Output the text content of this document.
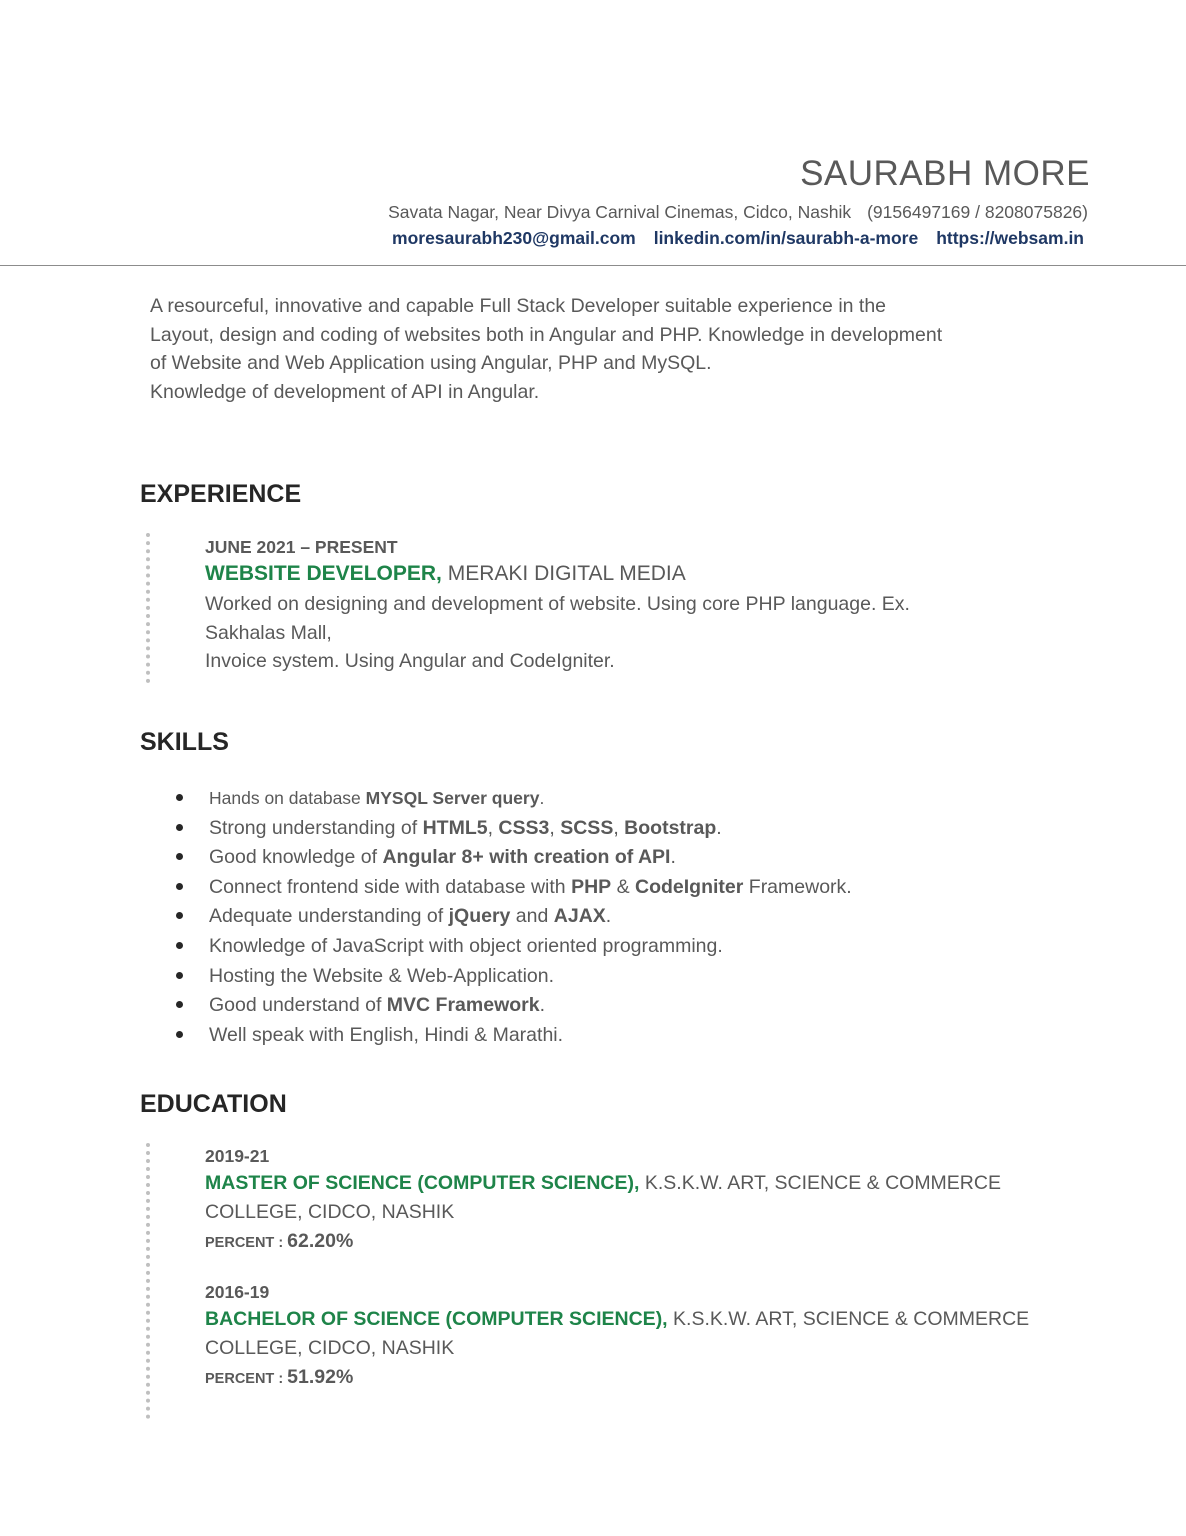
SAURABH MORE
Savata Nagar, Near Divya Carnival Cinemas, Cidco, Nashik (9156497169 / 8208075826)
moresaurabh230@gmail.com linkedin.com/in/saurabh-a-more https://websam.in
A resourceful, innovative and capable Full Stack Developer suitable experience in the
Layout, design and coding of websites both in Angular and PHP. Knowledge in development
of Website and Web Application using Angular, PHP and MySQL.
Knowledge of development of API in Angular.
EXPERIENCE
JUNE 2021 – PRESENT
WEBSITE DEVELOPER, MERAKI DIGITAL MEDIA
Worked on designing and development of website. Using core PHP language. Ex.
Sakhalas Mall,
Invoice system. Using Angular and CodeIgniter.
SKILLS
Hands on database MYSQL Server query.
Strong understanding of HTML5, CSS3, SCSS, Bootstrap.
Good knowledge of Angular 8+ with creation of API.
Connect frontend side with database with PHP & CodeIgniter Framework.
Adequate understanding of jQuery and AJAX.
Knowledge of JavaScript with object oriented programming.
Hosting the Website & Web-Application.
Good understand of MVC Framework.
Well speak with English, Hindi & Marathi.
EDUCATION
2019-21
MASTER OF SCIENCE (COMPUTER SCIENCE), K.S.K.W. ART, SCIENCE & COMMERCE
COLLEGE, CIDCO, NASHIK
PERCENT : 62.20%
2016-19
BACHELOR OF SCIENCE (COMPUTER SCIENCE), K.S.K.W. ART, SCIENCE & COMMERCE
COLLEGE, CIDCO, NASHIK
PERCENT : 51.92%
